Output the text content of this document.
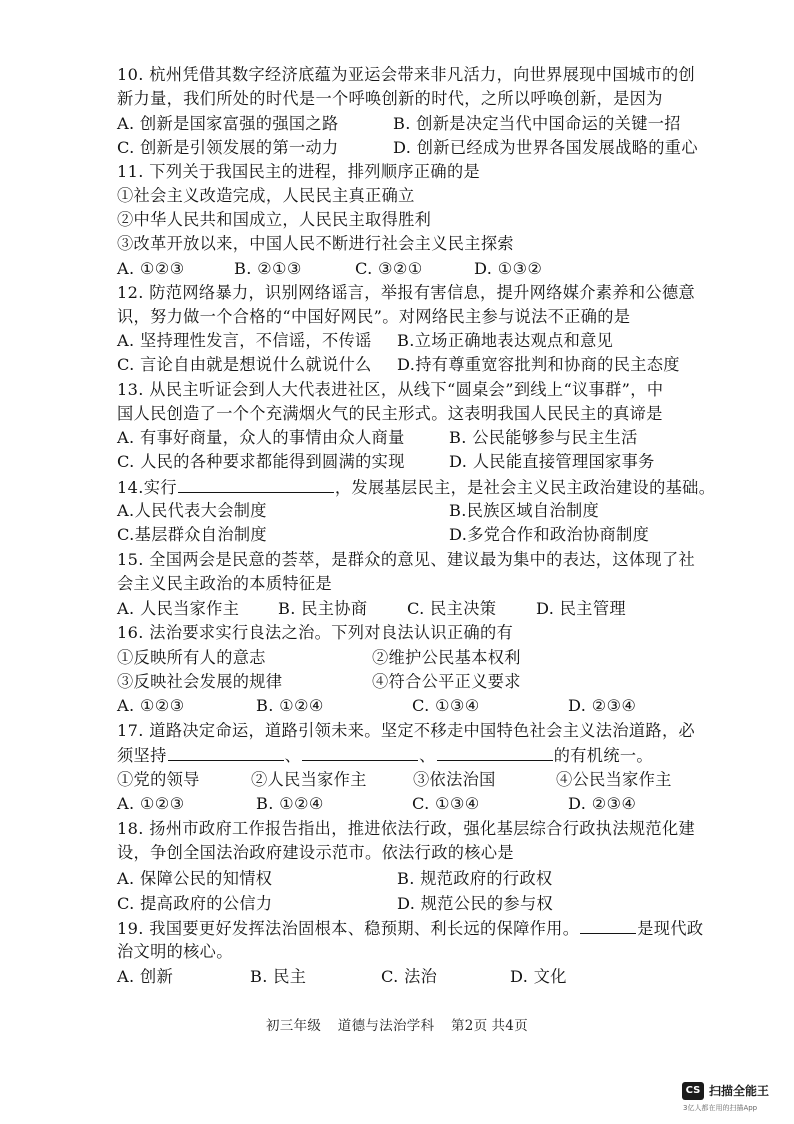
10. 杭州凭借其数字经济底蕴为亚运会带来非凡活力，向世界展现中国城市的创
新力量，我们所处的时代是一个呼唤创新的时代，之所以呼唤创新，是因为
A. 创新是国家富强的强国之路	B. 创新是决定当代中国命运的关键一招
C. 创新是引领发展的第一动力	D. 创新已经成为世界各国发展战略的重心
11. 下列关于我国民主的进程，排列顺序正确的是
①社会主义改造完成，人民民主真正确立
②中华人民共和国成立，人民民主取得胜利
③改革开放以来，中国人民不断进行社会主义民主探索
A. ①②③	B. ②①③	C. ③②①	D. ①③②
12. 防范网络暴力，识别网络谣言，举报有害信息，提升网络媒介素养和公德意
识，努力做一个合格的“中国好网民”。对网络民主参与说法不正确的是
A. 坚持理性发言，不信谣，不传谣 B.立场正确地表达观点和意见
C. 言论自由就是想说什么就说什么 D.持有尊重宽容批判和协商的民主态度
13. 从民主听证会到人大代表进社区，从线下“圆桌会”到线上“议事群”，中
国人民创造了一个个充满烟火气的民主形式。这表明我国人民民主的真谛是
A. 有事好商量，众人的事情由众人商量	B. 公民能够参与民主生活
C. 人民的各种要求都能得到圆满的实现	D. 人民能直接管理国家事务
14.实行	，发展基层民主，是社会主义民主政治建设的基础。
A.人民代表大会制度	B.民族区域自治制度
C.基层群众自治制度	D.多党合作和政治协商制度
15. 全国两会是民意的荟萃，是群众的意见、建议最为集中的表达，这体现了社
会主义民主政治的本质特征是
A. 人民当家作主 B. 民主协商 C. 民主决策 D. 民主管理
16. 法治要求实行良法之治。下列对良法认识正确的有
①反映所有人的意志	②维护公民基本权利
③反映社会发展的规律	④符合公平正义要求
A. ①②③	B. ①②④	C. ①③④	D. ②③④
17. 道路决定命运，道路引领未来。坚定不移走中国特色社会主义法治道路，必
须坚持	、	、	的有机统一。
①党的领导	②人民当家作主	③依法治国	④公民当家作主
A. ①②③	B. ①②④	C. ①③④	D. ②③④
18. 扬州市政府工作报告指出，推进依法行政，强化基层综合行政执法规范化建
设，争创全国法治政府建设示范市。依法行政的核心是
A. 保障公民的知情权	B. 规范政府的行政权
C. 提高政府的公信力	D. 规范公民的参与权
19. 我国要更好发挥法治固根本、稳预期、利长远的保障作用。	是现代政
治文明的核心。
A. 创新	B. 民主	C. 法治	D. 文化
初三年级 道德与法治学科 第2页 共4页
CS 扫描全能王
3亿人都在用的扫描App
